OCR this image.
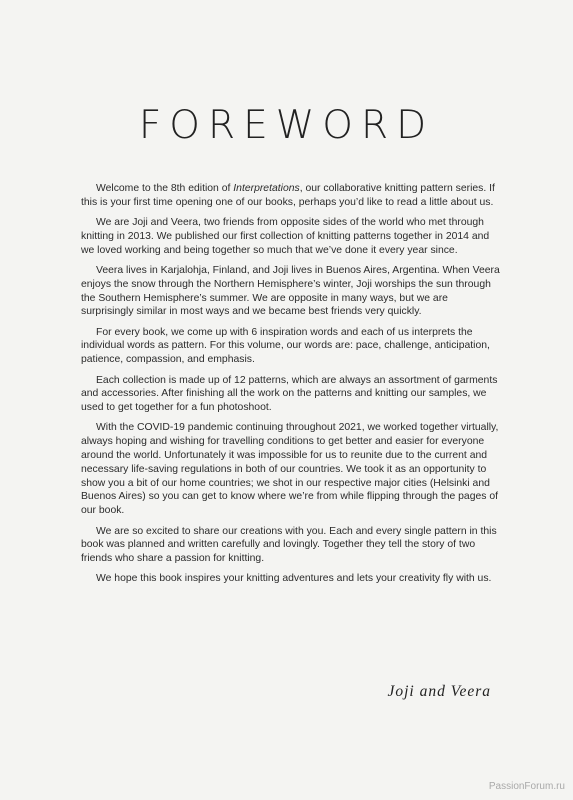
FOREWORD

Welcome to the 8th edition of Interpretations, our collaborative knitting pattern series. If this is your first time opening one of our books, perhaps you’d like to read a little about us.

We are Joji and Veera, two friends from opposite sides of the world who met through knitting in 2013. We published our first collection of knitting patterns together in 2014 and we loved working and being together so much that we’ve done it every year since.

Veera lives in Karjalohja, Finland, and Joji lives in Buenos Aires, Argentina. When Veera enjoys the snow through the Northern Hemisphere’s winter, Joji worships the sun through the Southern Hemisphere’s summer. We are opposite in many ways, but we are surprisingly similar in most ways and we became best friends very quickly.

For every book, we come up with 6 inspiration words and each of us interprets the individual words as pattern. For this volume, our words are: pace, challenge, anticipation, patience, compassion, and emphasis.

Each collection is made up of 12 patterns, which are always an assortment of garments and accessories. After finishing all the work on the patterns and knitting our samples, we used to get together for a fun photoshoot.

With the COVID-19 pandemic continuing throughout 2021, we worked together virtually, always hoping and wishing for travelling conditions to get better and easier for everyone around the world. Unfortunately it was impossible for us to reunite due to the current and necessary life-saving regulations in both of our countries. We took it as an opportunity to show you a bit of our home countries; we shot in our respective major cities (Helsinki and Buenos Aires) so you can get to know where we’re from while flipping through the pages of our book.

We are so excited to share our creations with you. Each and every single pattern in this book was planned and written carefully and lovingly. Together they tell the story of two friends who share a passion for knitting.

We hope this book inspires your knitting adventures and lets your creativity fly with us.

Joji and Veera
PassionForum.ru
